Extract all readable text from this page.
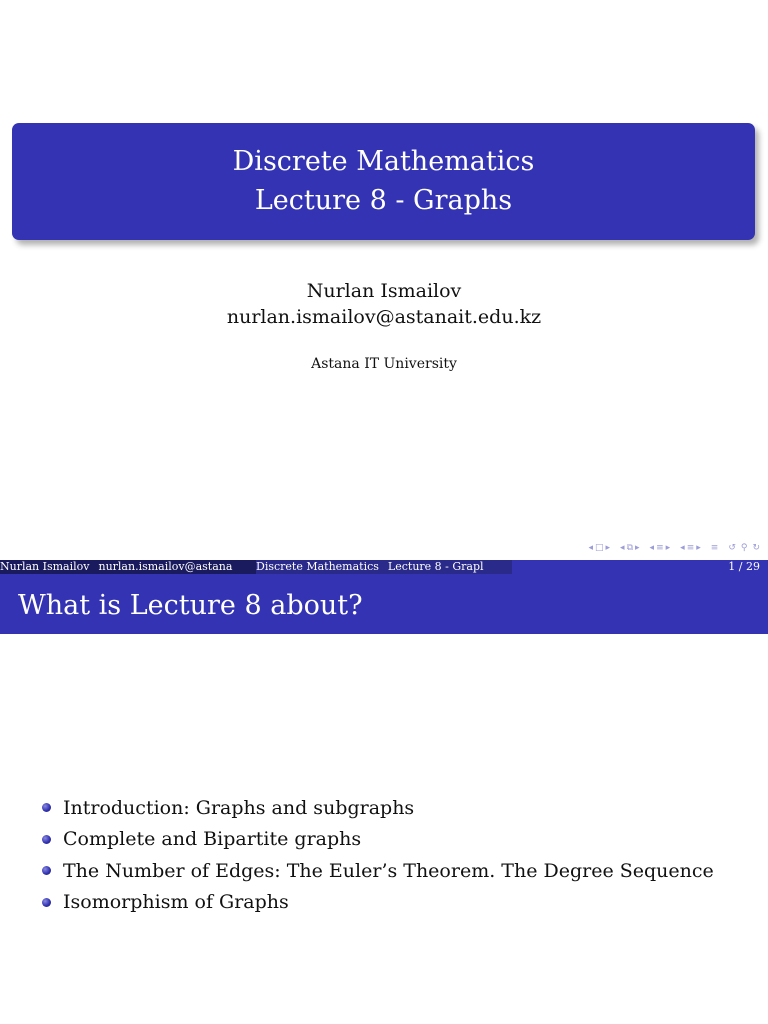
Discrete Mathematics
Lecture 8 - Graphs
Nurlan Ismailov
nurlan.ismailov@astanait.edu.kz
Astana IT University
◂ □ ▸ ◂ ⧉ ▸ ◂ ≡ ▸ ◂ ≡ ▸ ≡ ↺ ⚲ ↻
Nurlan Ismailov nurlan.ismailov@astana	Discrete Mathematics Lecture 8 - Grapl	1 / 29
What is Lecture 8 about?
Introduction: Graphs and subgraphs
Complete and Bipartite graphs
The Number of Edges: The Euler’s Theorem. The Degree Sequence
Isomorphism of Graphs
